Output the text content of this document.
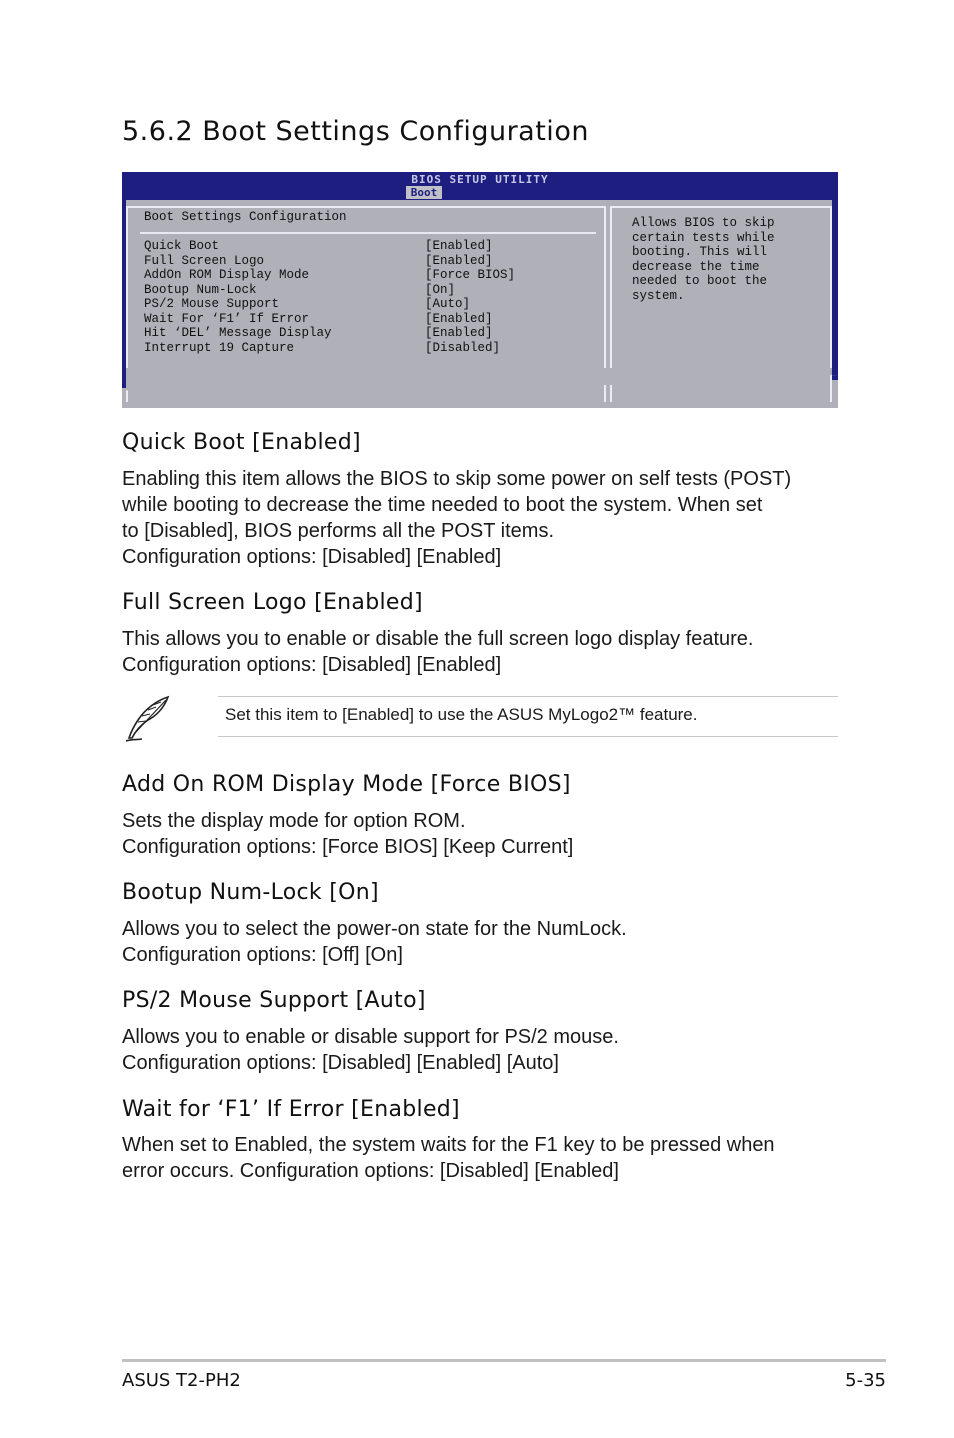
5.6.2 Boot Settings Configuration
BIOS SETUP UTILITY
Boot
Boot Settings Configuration
Quick Boot	[Enabled]
Full Screen Logo	[Enabled]
AddOn ROM Display Mode	[Force BIOS]
Bootup Num-Lock	[On]
PS/2 Mouse Support	[Auto]
Wait For ‘F1’ If Error	[Enabled]
Hit ‘DEL’ Message Display	[Enabled]
Interrupt 19 Capture	[Disabled]
Allows BIOS to skip
certain tests while
booting. This will
decrease the time
needed to boot the
system.
Quick Boot [Enabled]

Enabling this item allows the BIOS to skip some power on self tests (POST)

while booting to decrease the time needed to boot the system. When set

to [Disabled], BIOS performs all the POST items.

Configuration options: [Disabled] [Enabled]

Full Screen Logo [Enabled]

This allows you to enable or disable the full screen logo display feature.

Configuration options: [Disabled] [Enabled]

Set this item to [Enabled] to use the ASUS MyLogo2™ feature.
Add On ROM Display Mode [Force BIOS]

Sets the display mode for option ROM.

Configuration options: [Force BIOS] [Keep Current]

Bootup Num-Lock [On]

Allows you to select the power-on state for the NumLock.

Configuration options: [Off] [On]

PS/2 Mouse Support [Auto]

Allows you to enable or disable support for PS/2 mouse.

Configuration options: [Disabled] [Enabled] [Auto]

Wait for ‘F1’ If Error [Enabled]

When set to Enabled, the system waits for the F1 key to be pressed when

error occurs. Configuration options: [Disabled] [Enabled]

ASUS T2-PH2	5-35
